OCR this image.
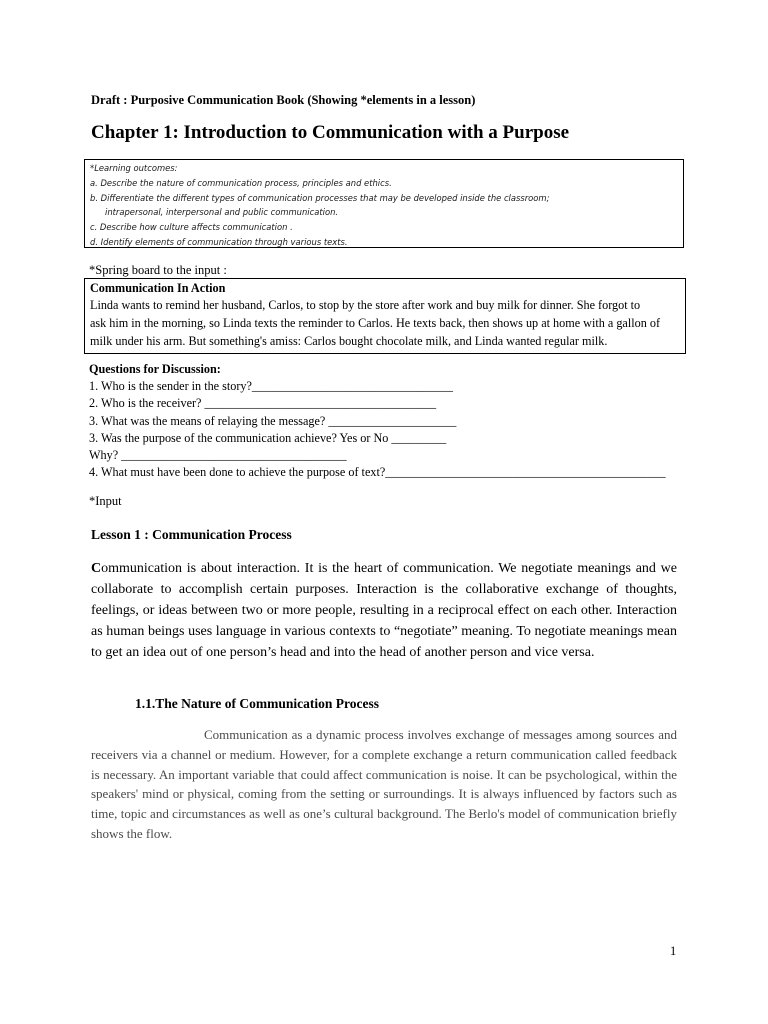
Draft : Purposive Communication Book (Showing *elements in a lesson)
Chapter 1: Introduction to Communication with a Purpose
*Learning outcomes:
a. Describe the nature of communication process, principles and ethics.
b. Differentiate the different types of communication processes that may be developed inside the classroom;
intrapersonal, interpersonal and public communication.
c. Describe how culture affects communication .
d. Identify elements of communication through various texts.
*Spring board to the input :
Communication In Action
Linda wants to remind her husband, Carlos, to stop by the store after work and buy milk for dinner. She forgot to
ask him in the morning, so Linda texts the reminder to Carlos. He texts back, then shows up at home with a gallon of
milk under his arm. But something's amiss: Carlos bought chocolate milk, and Linda wanted regular milk.
Questions for Discussion:
1. Who is the sender in the story?_________________________________
2. Who is the receiver? ______________________________________
3. What was the means of relaying the message? _____________________
3. Was the purpose of the communication achieve? Yes or No _________
Why? _____________________________________
4. What must have been done to achieve the purpose of text?______________________________________________
*Input
Lesson 1 : Communication Process

Communication is about interaction. It is the heart of communication. We negotiate meanings and we collaborate to accomplish certain purposes. Interaction is the collaborative exchange of thoughts, feelings, or ideas between two or more people, resulting in a reciprocal effect on each other. Interaction as human beings uses language in various contexts to “negotiate” meaning. To negotiate meanings mean to get an idea out of one person’s head and into the head of another person and vice versa.

1.1.The Nature of Communication Process

Communication as a dynamic process involves exchange of messages among sources and receivers via a channel or medium. However, for a complete exchange a return communication called feedback is necessary. An important variable that could affect communication is noise. It can be psychological, within the speakers' mind or physical, coming from the setting or surroundings. It is always influenced by factors such as time, topic and circumstances as well as one’s cultural background. The Berlo's model of communication briefly shows the flow.

1
